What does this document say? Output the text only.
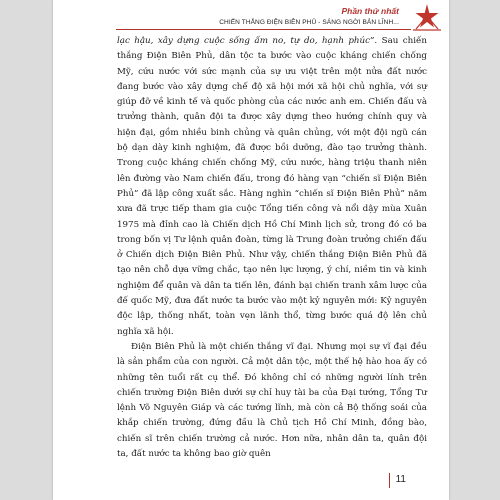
Phần thứ nhất
CHIẾN THẮNG ĐIỆN BIÊN PHỦ - SÁNG NGỜI BẢN LĨNH...

lạc hậu, xây dựng cuộc sống ấm no, tự do, hạnh phúc”. Sau chiến thắng Điện Biên Phủ, dân tộc ta bước vào cuộc kháng chiến chống Mỹ, cứu nước với sức mạnh của sự ưu việt trên một nửa đất nước đang bước vào xây dựng chế độ xã hội mới xã hội chủ nghĩa, với sự giúp đỡ về kinh tế và quốc phòng của các nước anh em. Chiến đấu và trưởng thành, quân đội ta được xây dựng theo hướng chính quy và hiện đại, gồm nhiều binh chủng và quân chủng, với một đội ngũ cán bộ dạn dày kinh nghiệm, đã được bồi dưỡng, đào tạo trưởng thành. Trong cuộc kháng chiến chống Mỹ, cứu nước, hàng triệu thanh niên lên đường vào Nam chiến đấu, trong đó hàng vạn “chiến sĩ Điện Biên Phủ” đã lập công xuất sắc. Hàng nghìn “chiến sĩ Điện Biên Phủ” năm xưa đã trực tiếp tham gia cuộc Tổng tiến công và nổi dậy mùa Xuân 1975 mà đỉnh cao là Chiến dịch Hồ Chí Minh lịch sử, trong đó có ba trong bốn vị Tư lệnh quân đoàn, từng là Trung đoàn trưởng chiến đấu ở Chiến dịch Điện Biên Phủ. Như vậy, chiến thắng Điện Biên Phủ đã tạo nên chỗ dựa vững chắc, tạo nên lực lượng, ý chí, niềm tin và kinh nghiệm để quân và dân ta tiến lên, đánh bại chiến tranh xâm lược của đế quốc Mỹ, đưa đất nước ta bước vào một kỷ nguyên mới: Kỷ nguyên độc lập, thống nhất, toàn vẹn lãnh thổ, từng bước quá độ lên chủ nghĩa xã hội.

Điện Biên Phủ là một chiến thắng vĩ đại. Nhưng mọi sự vĩ đại đều là sản phẩm của con người. Cả một dân tộc, một thế hệ hào hoa ấy có những tên tuổi rất cụ thể. Đó không chỉ có những người lính trên chiến trường Điện Biên dưới sự chỉ huy tài ba của Đại tướng, Tổng Tư lệnh Võ Nguyên Giáp và các tướng lĩnh, mà còn cả Bộ thống soái của khắp chiến trường, đứng đầu là Chủ tịch Hồ Chí Minh, đồng bào, chiến sĩ trên chiến trường cả nước. Hơn nữa, nhân dân ta, quân đội ta, đất nước ta không bao giờ quên

11
